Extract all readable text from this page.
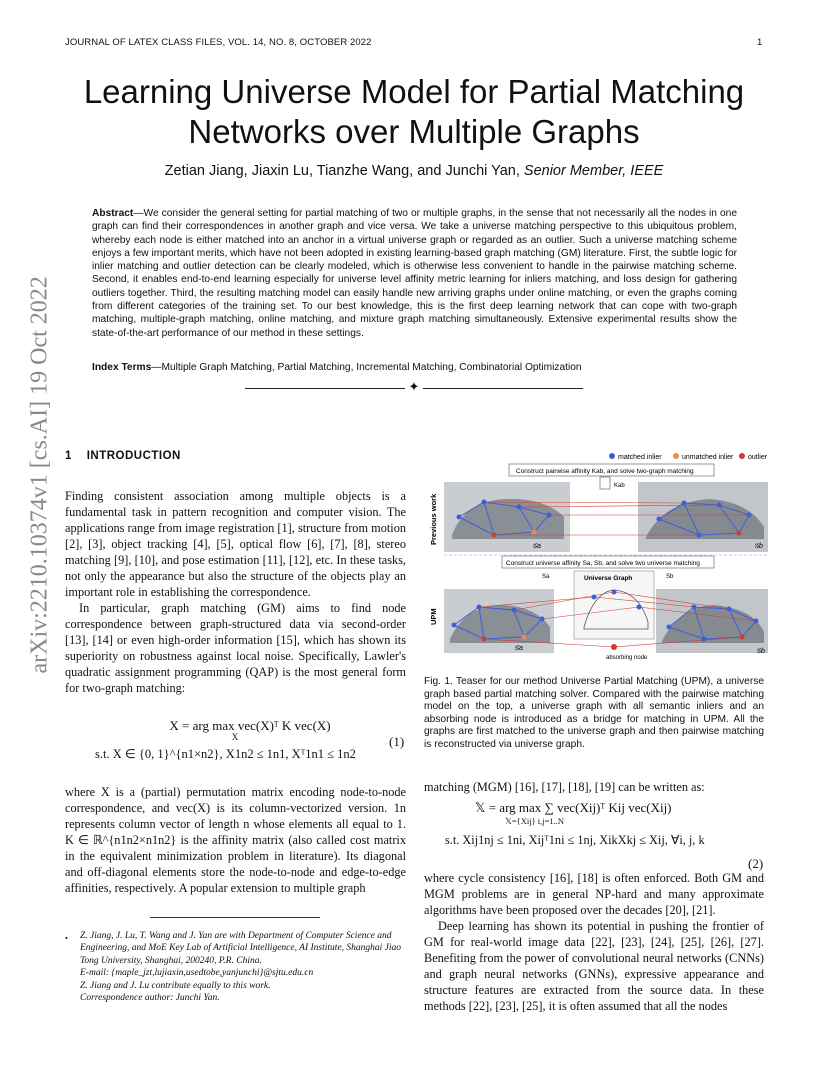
JOURNAL OF LATEX CLASS FILES, VOL. 14, NO. 8, OCTOBER 2022	1
Learning Universe Model for Partial Matching
Networks over Multiple Graphs
Zetian Jiang, Jiaxin Lu, Tianzhe Wang, and Junchi Yan, Senior Member, IEEE
Abstract—We consider the general setting for partial matching of two or multiple graphs, in the sense that not necessarily all the nodes in one graph can find their correspondences in another graph and vice versa. We take a universe matching perspective to this ubiquitous problem, whereby each node is either matched into an anchor in a virtual universe graph or regarded as an outlier. Such a universe matching scheme enjoys a few important merits, which have not been adopted in existing learning-based graph matching (GM) literature. First, the subtle logic for inlier matching and outlier detection can be clearly modeled, which is otherwise less convenient to handle in the pairwise matching scheme. Second, it enables end-to-end learning especially for universe level affinity metric learning for inliers matching, and loss design for gathering outliers together. Third, the resulting matching model can easily handle new arriving graphs under online matching, or even the graphs coming from different categories of the training set. To our best knowledge, this is the first deep learning network that can cope with two-graph matching, multiple-graph matching, online matching, and mixture graph matching simultaneously. Extensive experimental results show the state-of-the-art performance of our method in these settings.
Index Terms—Multiple Graph Matching, Partial Matching, Incremental Matching, Combinatorial Optimization
✦
arXiv:2210.10374v1 [cs.AI] 19 Oct 2022 1 INTRODUCTION

Finding consistent association among multiple objects is a fundamental task in pattern recognition and computer vision. The applications range from image registration [1], structure from motion [2], [3], object tracking [4], [5], optical flow [6], [7], [8], stereo matching [9], [10], and pose estimation [11], [12], etc. In these tasks, not only the appearance but also the structure of the objects play an important role in establishing the correspondence.

In particular, graph matching (GM) aims to find node correspondence between graph-structured data via second-order [13], [14] or even high-order information [15], which has shown its superiority on robustness against local noise. Specifically, Lawler's quadratic assignment programming (QAP) is the most general form for two-graph matching:

X = arg max vec(X)ᵀ K vec(X)
X
s.t. X ∈ {0, 1}^{n1×n2}, X1n2 ≤ 1n1, Xᵀ1n1 ≤ 1n2
(1)

where X is a (partial) permutation matrix encoding node-to-node correspondence, and vec(X) is its column-vectorized version. 1n represents column vector of length n whose elements all equal to 1. K ∈ ℝ^{n1n2×n1n2} is the affinity matrix (also called cost matrix in the equivalent minimization problem in literature). Its diagonal and off-diagonal elements store the node-to-node and edge-to-edge affinities, respectively. A popular extension to multiple graph

• Z. Jiang, J. Lu, T. Wang and J. Yan are with Department of Computer Science and Engineering, and MoE Key Lab of Artificial Intelligence, AI Institute, Shanghai Jiao Tong University, Shanghai, 200240, P.R. China.
E-mail: {maple_jzt,lujiaxin,usedtobe,yanjunchi}@sjtu.edu.cn
Z. Jiang and J. Lu contribute equally to this work.
Correspondence author: Junchi Yan.
matched inlier	unmatched inlier outlier
Construct pairwise affinity Kab, and solve two-graph matching
Kab
Previous work
UPM
𝒢a	𝒢b
Construct universe affinity Sa, Sb, and solve two universe matching
Sa	Sb
Universe Graph
absorbing node
𝒢a	𝒢b
Fig. 1. Teaser for our method Universe Partial Matching (UPM), a universe graph based partial matching solver. Compared with the pairwise matching model on the top, a universe graph with all semantic inliers and an absorbing node is introduced as a bridge for matching in UPM. All the graphs are first matched to the universe graph and then pairwise matching is reconstructed via universe graph.
matching (MGM) [16], [17], [18], [19] can be written as:
𝕏 = arg max ∑ vec(Xij)ᵀ Kij vec(Xij)
𝕏={Xij} i,j=1..N
s.t. Xij1nj ≤ 1ni, Xijᵀ1ni ≤ 1nj, XikXkj ≤ Xij, ∀i, j, k
(2)

where cycle consistency [16], [18] is often enforced. Both GM and MGM problems are in general NP-hard and many approximate algorithms have been proposed over the decades [20], [21].

Deep learning has shown its potential in pushing the frontier of GM for real-world image data [22], [23], [24], [25], [26], [27]. Benefiting from the power of convolutional neural networks (CNNs) and graph neural networks (GNNs), expressive appearance and structure features are extracted from the source data. In these methods [22], [23], [25], it is often assumed that all the nodes
